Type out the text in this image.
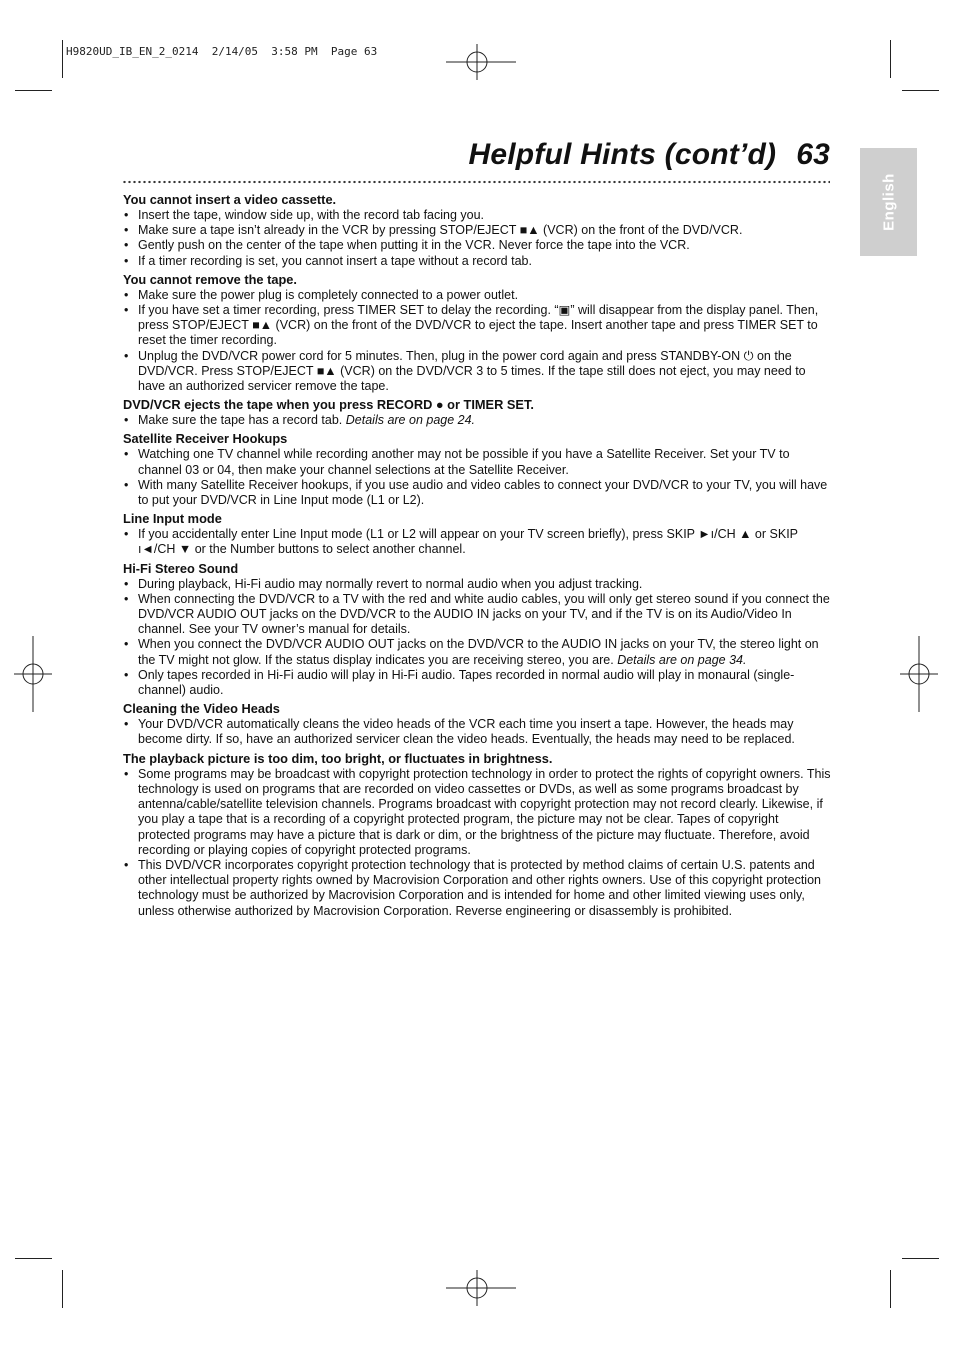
H9820UD_IB_EN_2_0214  2/14/05  3:58 PM  Page 63
Helpful Hints (cont’d) 63
English
You cannot insert a video cassette.
• Insert the tape, window side up, with the record tab facing you.
• Make sure a tape isn’t already in the VCR by pressing STOP/EJECT ■▲ (VCR) on the front of the DVD/VCR.
• Gently push on the center of the tape when putting it in the VCR. Never force the tape into the VCR.
• If a timer recording is set, you cannot insert a tape without a record tab.
You cannot remove the tape.
• Make sure the power plug is completely connected to a power outlet.
• If you have set a timer recording, press TIMER SET to delay the recording. “▣” will disappear from the display panel. Then, press STOP/EJECT ■▲ (VCR) on the front of the DVD/VCR to eject the tape. Insert another tape and press TIMER SET to reset the timer recording.
• Unplug the DVD/VCR power cord for 5 minutes. Then, plug in the power cord again and press STANDBY-ON ⏻ on the DVD/VCR. Press STOP/EJECT ■▲ (VCR) on the DVD/VCR 3 to 5 times. If the tape still does not eject, you may need to have an authorized servicer remove the tape.
DVD/VCR ejects the tape when you press RECORD ● or TIMER SET.
• Make sure the tape has a record tab. Details are on page 24.
Satellite Receiver Hookups
• Watching one TV channel while recording another may not be possible if you have a Satellite Receiver. Set your TV to channel 03 or 04, then make your channel selections at the Satellite Receiver.
• With many Satellite Receiver hookups, if you use audio and video cables to connect your DVD/VCR to your TV, you will have to put your DVD/VCR in Line Input mode (L1 or L2).
Line Input mode
• If you accidentally enter Line Input mode (L1 or L2 will appear on your TV screen briefly), press SKIP ►ı/CH ▲ or SKIP ı◄/CH ▼ or the Number buttons to select another channel.
Hi-Fi Stereo Sound
• During playback, Hi-Fi audio may normally revert to normal audio when you adjust tracking.
• When connecting the DVD/VCR to a TV with the red and white audio cables, you will only get stereo sound if you connect the DVD/VCR AUDIO OUT jacks on the DVD/VCR to the AUDIO IN jacks on your TV, and if the TV is on its Audio/Video In channel. See your TV owner’s manual for details.
• When you connect the DVD/VCR AUDIO OUT jacks on the DVD/VCR to the AUDIO IN jacks on your TV, the stereo light on the TV might not glow. If the status display indicates you are receiving stereo, you are. Details are on page 34.
• Only tapes recorded in Hi-Fi audio will play in Hi-Fi audio. Tapes recorded in normal audio will play in monaural (single-channel) audio.
Cleaning the Video Heads
• Your DVD/VCR automatically cleans the video heads of the VCR each time you insert a tape. However, the heads may become dirty. If so, have an authorized servicer clean the video heads. Eventually, the heads may need to be replaced.
The playback picture is too dim, too bright, or fluctuates in brightness.
• Some programs may be broadcast with copyright protection technology in order to protect the rights of copyright owners. This technology is used on programs that are recorded on video cassettes or DVDs, as well as some programs broadcast by antenna/cable/satellite television channels. Programs broadcast with copyright protection may not record clearly. Likewise, if you play a tape that is a recording of a copyright protected program, the picture may not be clear. Tapes of copyright protected programs may have a picture that is dark or dim, or the brightness of the picture may fluctuate. Therefore, avoid recording or playing copies of copyright protected programs.
• This DVD/VCR incorporates copyright protection technology that is protected by method claims of certain U.S. patents and other intellectual property rights owned by Macrovision Corporation and other rights owners. Use of this copyright protection technology must be authorized by Macrovision Corporation and is intended for home and other limited viewing uses only, unless otherwise authorized by Macrovision Corporation. Reverse engineering or disassembly is prohibited.
